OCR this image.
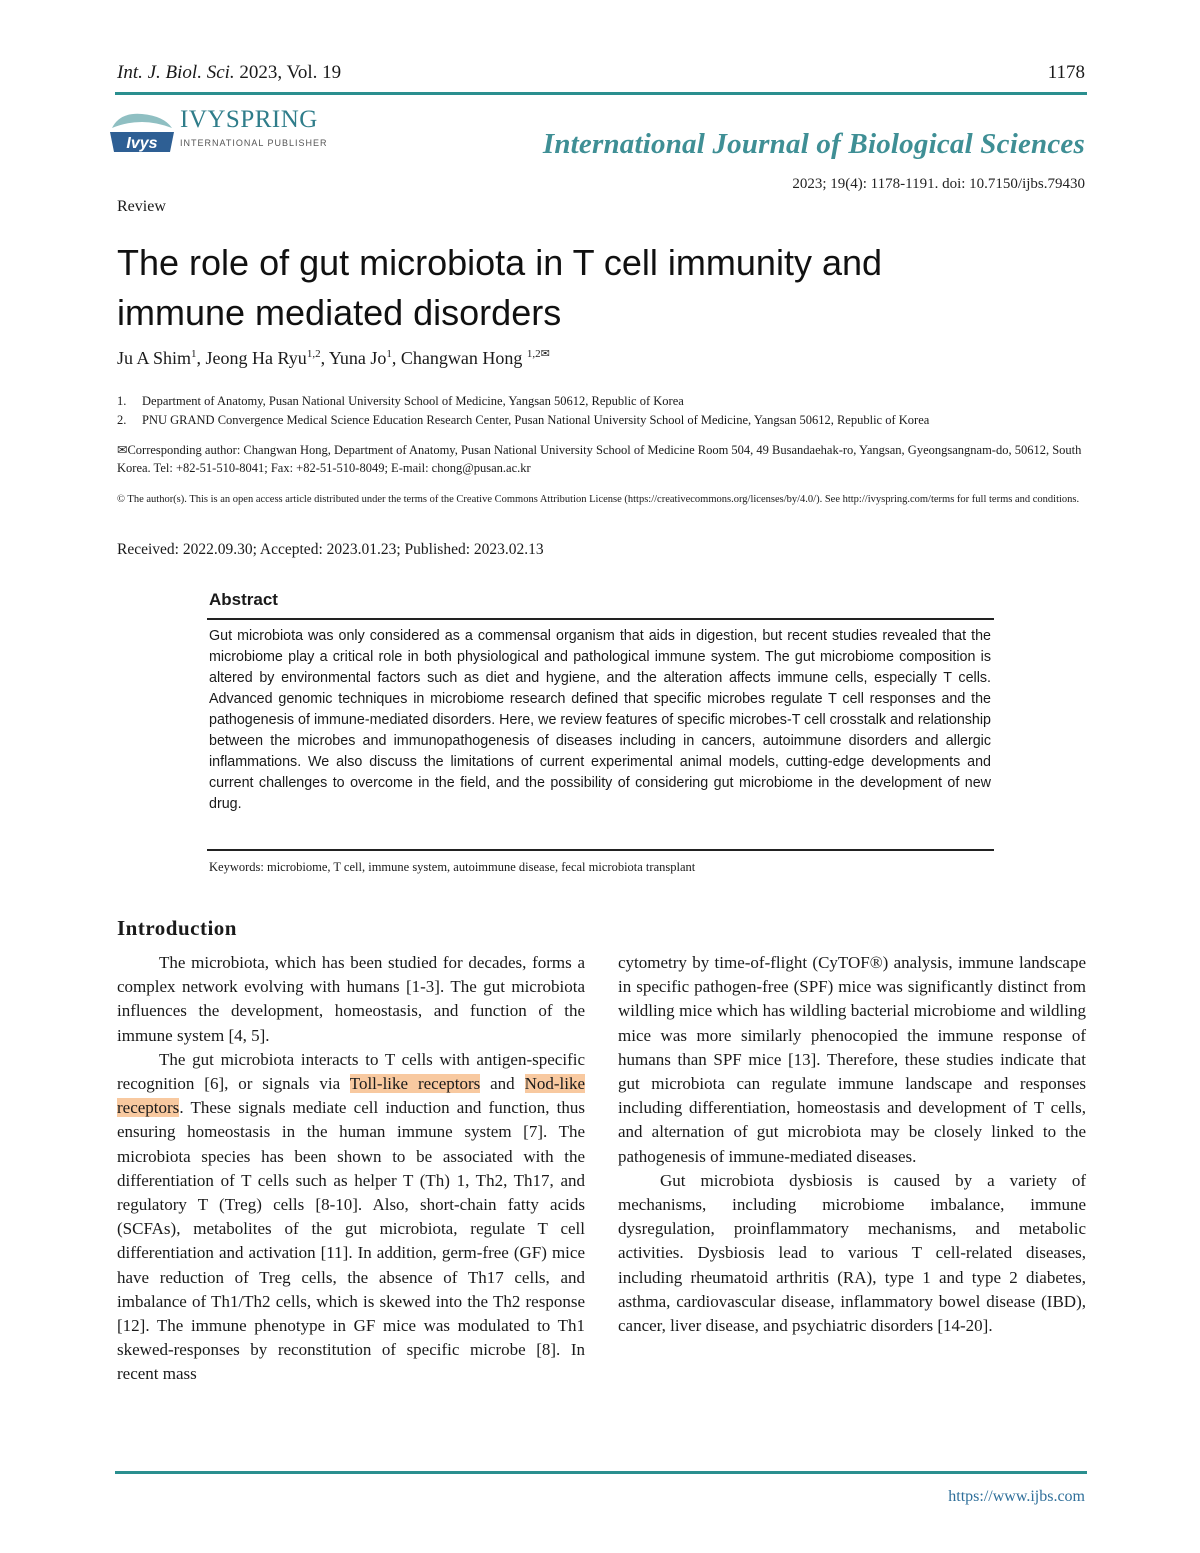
Int. J. Biol. Sci. 2023, Vol. 19	1178
Ivys
IVYSPRING
INTERNATIONAL PUBLISHER	International Journal of Biological Sciences
2023; 19(4): 1178-1191. doi: 10.7150/ijbs.79430
Review
The role of gut microbiota in T cell immunity and
immune mediated disorders
Ju A Shim$^1$, Jeong Ha Ryu$^{1,2}$, Yuna Jo$^1$, Changwan Hong $^{1,2✉}$
1.	Department of Anatomy, Pusan National University School of Medicine, Yangsan 50612, Republic of Korea
2.	PNU GRAND Convergence Medical Science Education Research Center, Pusan National University School of Medicine, Yangsan 50612, Republic of Korea
✉Corresponding author: Changwan Hong, Department of Anatomy, Pusan National University School of Medicine Room 504, 49 Busandaehak-ro, Yangsan, Gyeongsangnam-do, 50612, South Korea. Tel: +82-51-510-8041; Fax: +82-51-510-8049; E-mail: chong@pusan.ac.kr
© The author(s). This is an open access article distributed under the terms of the Creative Commons Attribution License (https://creativecommons.org/licenses/by/4.0/). See http://ivyspring.com/terms for full terms and conditions.
Received: 2022.09.30; Accepted: 2023.01.23; Published: 2023.02.13
Abstract
Gut microbiota was only considered as a commensal organism that aids in digestion, but recent studies revealed that the microbiome play a critical role in both physiological and pathological immune system. The gut microbiome composition is altered by environmental factors such as diet and hygiene, and the alteration affects immune cells, especially T cells. Advanced genomic techniques in microbiome research defined that specific microbes regulate T cell responses and the pathogenesis of immune-mediated disorders. Here, we review features of specific microbes-T cell crosstalk and relationship between the microbes and immunopathogenesis of diseases including in cancers, autoimmune disorders and allergic inflammations. We also discuss the limitations of current experimental animal models, cutting-edge developments and current challenges to overcome in the field, and the possibility of considering gut microbiome in the development of new drug.
Keywords: microbiome, T cell, immune system, autoimmune disease, fecal microbiota transplant
Introduction

The microbiota, which has been studied for decades, forms a complex network evolving with humans [1-3]. The gut microbiota influences the development, homeostasis, and function of the immune system [4, 5].

The gut microbiota interacts to T cells with antigen-specific recognition [6], or signals via Toll-like receptors and Nod-like receptors. These signals mediate cell induction and function, thus ensuring homeostasis in the human immune system [7]. The microbiota species has been shown to be associated with the differentiation of T cells such as helper T (Th) 1, Th2, Th17, and regulatory T (Treg) cells [8-10]. Also, short-chain fatty acids (SCFAs), metabolites of the gut microbiota, regulate T cell differentiation and activation [11]. In addition, germ-free (GF) mice have reduction of Treg cells, the absence of Th17 cells, and imbalance of Th1/Th2 cells, which is skewed into the Th2 response [12]. The immune phenotype in GF mice was modulated to Th1 skewed-responses by reconstitution of specific microbe [8]. In recent mass

cytometry by time-of-flight (CyTOF®) analysis, immune landscape in specific pathogen-free (SPF) mice was significantly distinct from wildling mice which has wildling bacterial microbiome and wildling mice was more similarly phenocopied the immune response of humans than SPF mice [13]. Therefore, these studies indicate that gut microbiota can regulate immune landscape and responses including differentiation, homeostasis and development of T cells, and alternation of gut microbiota may be closely linked to the pathogenesis of immune-mediated diseases.

Gut microbiota dysbiosis is caused by a variety of mechanisms, including microbiome imbalance, immune dysregulation, proinflammatory mechanisms, and metabolic activities. Dysbiosis lead to various T cell-related diseases, including rheumatoid arthritis (RA), type 1 and type 2 diabetes, asthma, cardiovascular disease, inflammatory bowel disease (IBD), cancer, liver disease, and psychiatric disorders [14-20].

https://www.ijbs.com
